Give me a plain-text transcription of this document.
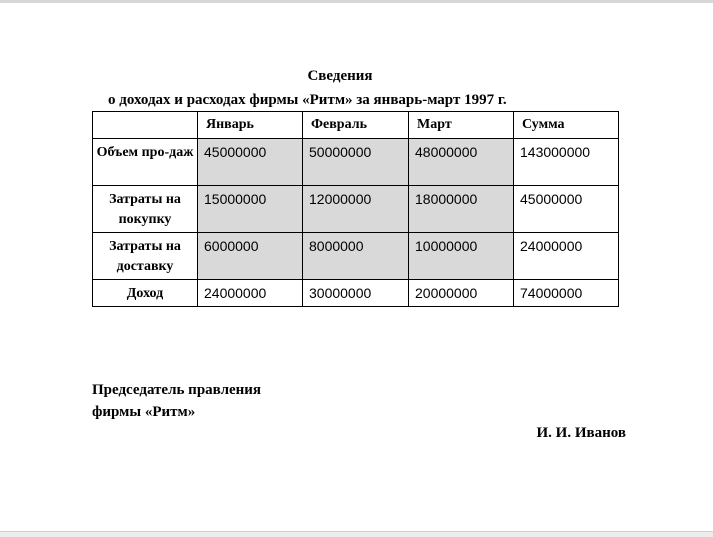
Сведения
о доходах и расходах фирмы «Ритм» за январь-март 1997 г.
	Январь	Февраль	Март	Сумма
Объем про-даж	45000000	50000000	48000000	143000000
Затраты на покупку	15000000	12000000	18000000	45000000
Затраты на доставку	6000000	8000000	10000000	24000000
Доход	24000000	30000000	20000000	74000000
Председатель правления
фирмы «Ритм»
И. И. Иванов
